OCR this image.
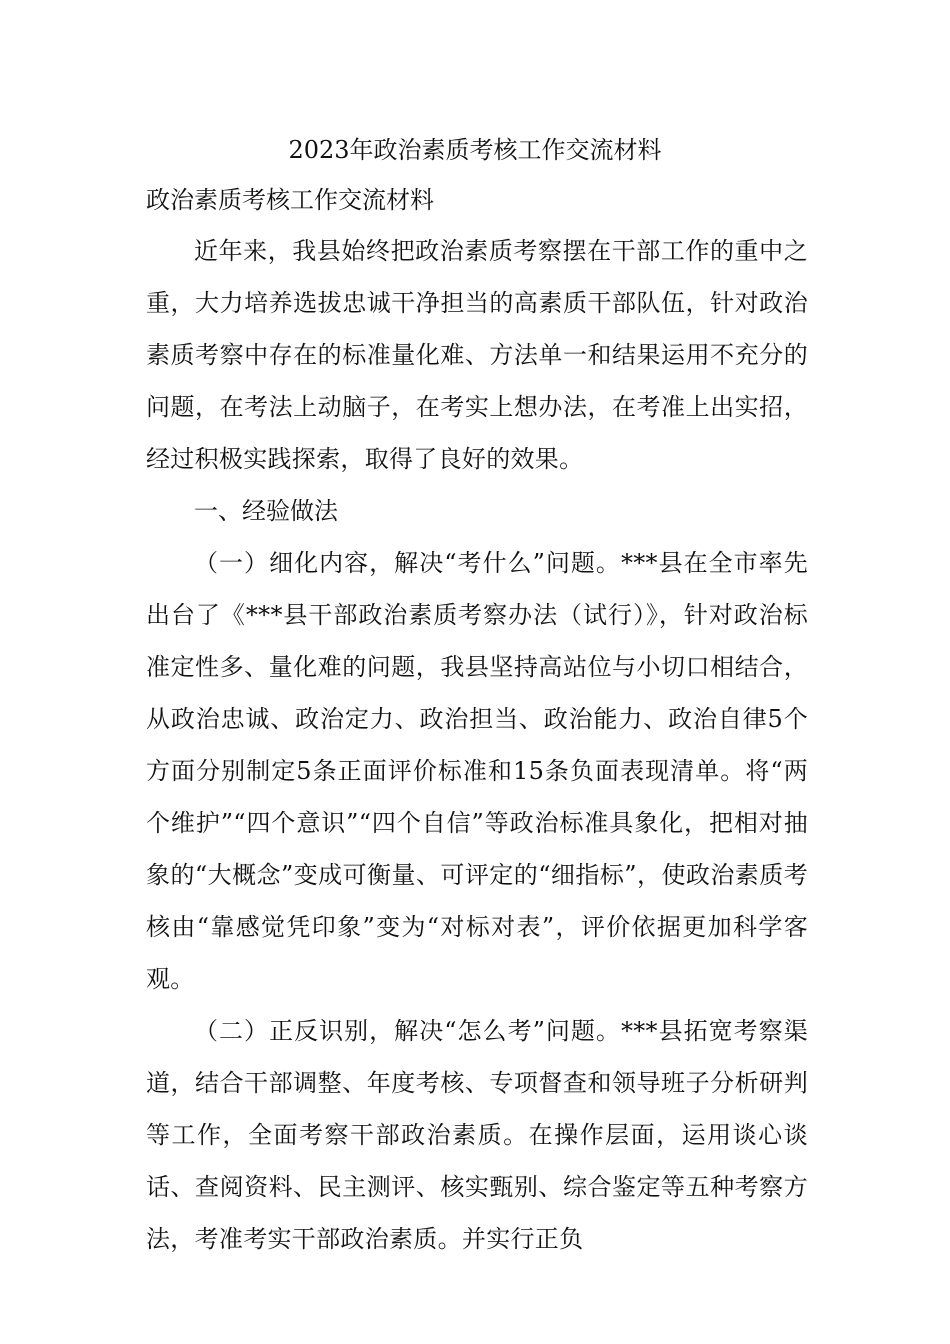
2023年政治素质考核工作交流材料

政治素质考核工作交流材料

近年来，我县始终把政治素质考察摆在干部工作的重中之重，大力培养选拔忠诚干净担当的高素质干部队伍，针对政治素质考察中存在的标准量化难、方法单一和结果运用不充分的问题，在考法上动脑子，在考实上想办法，在考准上出实招，经过积极实践探索，取得了良好的效果。

一、经验做法

（一）细化内容，解决“考什么”问题。***县在全市率先出台了《***县干部政治素质考察办法（试行）》，针对政治标准定性多、量化难的问题，我县坚持高站位与小切口相结合，从政治忠诚、政治定力、政治担当、政治能力、政治自律5个方面分别制定5条正面评价标准和15条负面表现清单。将“两个维护”“四个意识”“四个自信”等政治标准具象化，把相对抽象的“大概念”变成可衡量、可评定的“细指标”，使政治素质考核由“靠感觉凭印象”变为“对标对表”，评价依据更加科学客观。

（二）正反识别，解决“怎么考”问题。***县拓宽考察渠道，结合干部调整、年度考核、专项督查和领导班子分析研判等工作，全面考察干部政治素质。在操作层面，运用谈心谈话、查阅资料、民主测评、核实甄别、综合鉴定等五种考察方法，考准考实干部政治素质。并实行正负
